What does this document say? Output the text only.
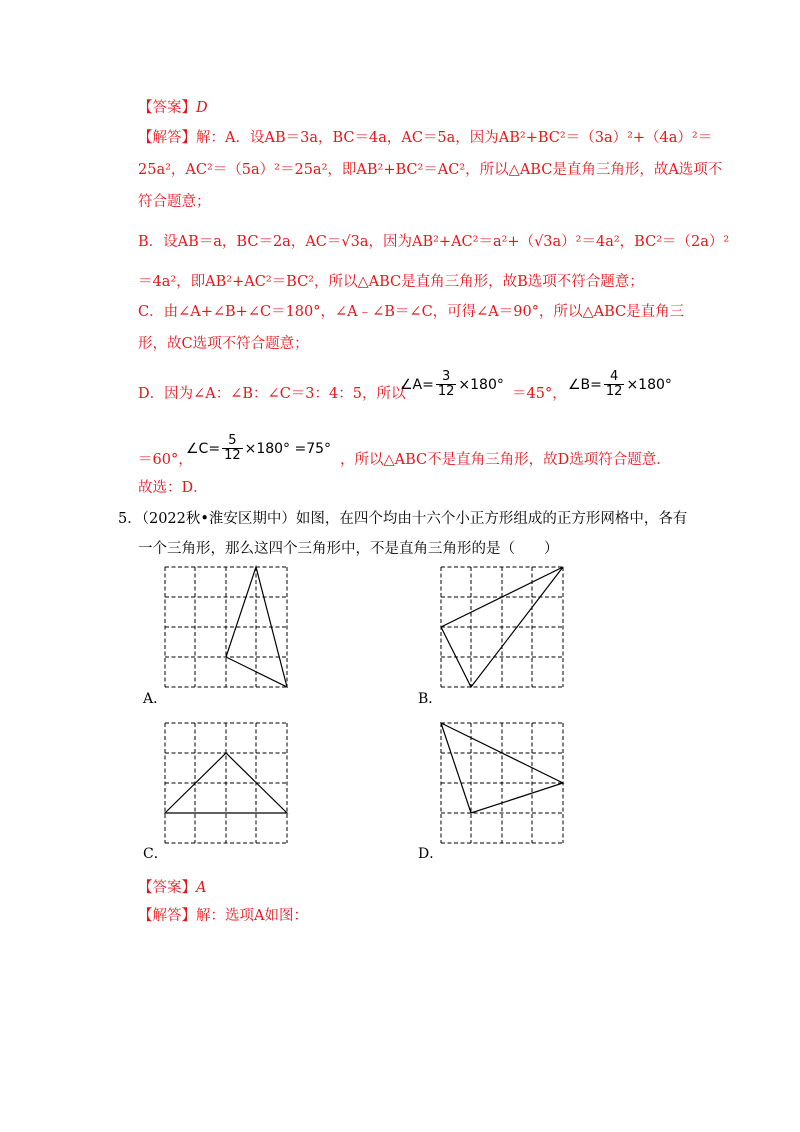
【答案】D
【解答】解：A．设AB＝3a，BC＝4a，AC＝5a，因为AB²+BC²＝（3a）²+（4a）²＝
25a²，AC²＝（5a）²＝25a²，即AB²+BC²＝AC²，所以△ABC是直角三角形，故A选项不
符合题意；
B．设AB＝a，BC＝2a，AC＝√3a，因为AB²+AC²＝a²+（√3a）²＝4a²，BC²＝（2a）²
＝4a²，即AB²+AC²＝BC²，所以△ABC是直角三角形，故B选项不符合题意；
C．由∠A+∠B+∠C＝180°，∠A﹣∠B＝∠C，可得∠A＝90°，所以△ABC是直角三
形，故C选项不符合题意；
D．因为∠A：∠B：∠C＝3：4：5，所以
∠A= $\frac{3}{12} \times 180^\circ$
＝45°，
∠B= $\frac{4}{12} \times 180^\circ$
＝60°，
∠C= $\frac{5}{12} \times 180^\circ =75^\circ$
，所以△ABC不是直角三角形，故D选项符合题意．
故选：D．
5．（2022秋•淮安区期中）如图，在四个均由十六个小正方形组成的正方形网格中，各有
一个三角形，那么这四个三角形中，不是直角三角形的是（　　）
A．	B．
C．	D．
【答案】A
【解答】解：选项A如图：
